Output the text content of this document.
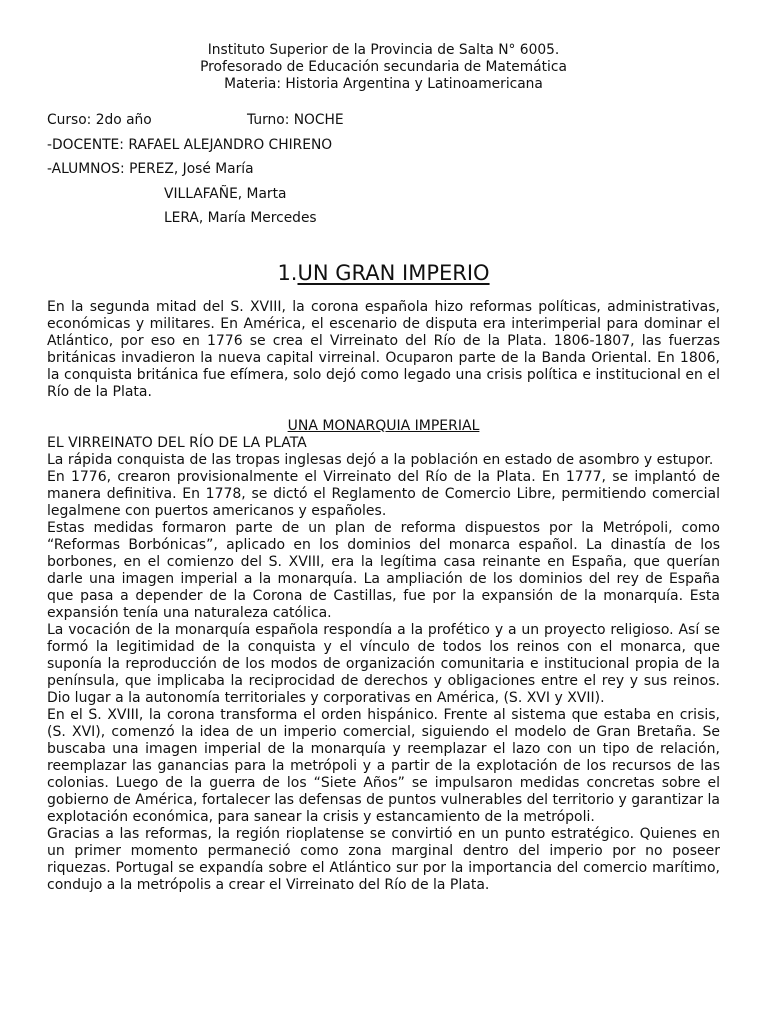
Instituto Superior de la Provincia de Salta N° 6005.
Profesorado de Educación secundaria de Matemática
Materia: Historia Argentina y Latinoamericana
Curso: 2do año	Turno: NOCHE
-DOCENTE: RAFAEL ALEJANDRO CHIRENO
-ALUMNOS: PEREZ, José María
VILLAFAÑE, Marta
LERA, María Mercedes
1.UN GRAN IMPERIO

En la segunda mitad del S. XVIII, la corona española hizo reformas políticas, administrativas, económicas y militares. En América, el escenario de disputa era interimperial para dominar el Atlántico, por eso en 1776 se crea el Virreinato del Río de la Plata. 1806-1807, las fuerzas británicas invadieron la nueva capital virreinal. Ocuparon parte de la Banda Oriental. En 1806, la conquista británica fue efímera, solo dejó como legado una crisis política e institucional en el Río de la Plata.

UNA MONARQUIA IMPERIAL
EL VIRREINATO DEL RÍO DE LA PLATA

La rápida conquista de las tropas inglesas dejó a la población en estado de asombro y estupor.

En 1776, crearon provisionalmente el Virreinato del Río de la Plata. En 1777, se implantó de manera definitiva. En 1778, se dictó el Reglamento de Comercio Libre, permitiendo comercial legalmene con puertos americanos y españoles.

Estas medidas formaron parte de un plan de reforma dispuestos por la Metrópoli, como “Reformas Borbónicas”, aplicado en los dominios del monarca español. La dinastía de los borbones, en el comienzo del S. XVIII, era la legítima casa reinante en España, que querían darle una imagen imperial a la monarquía. La ampliación de los dominios del rey de España que pasa a depender de la Corona de Castillas, fue por la expansión de la monarquía. Esta expansión tenía una naturaleza católica.

La vocación de la monarquía española respondía a la profético y a un proyecto religioso. Así se formó la legitimidad de la conquista y el vínculo de todos los reinos con el monarca, que suponía la reproducción de los modos de organización comunitaria e institucional propia de la península, que implicaba la reciprocidad de derechos y obligaciones entre el rey y sus reinos. Dio lugar a la autonomía territoriales y corporativas en América, (S. XVI y XVII).

En el S. XVIII, la corona transforma el orden hispánico. Frente al sistema que estaba en crisis, (S. XVI), comenzó la idea de un imperio comercial, siguiendo el modelo de Gran Bretaña. Se buscaba una imagen imperial de la monarquía y reemplazar el lazo con un tipo de relación, reemplazar las ganancias para la metrópoli y a partir de la explotación de los recursos de las colonias. Luego de la guerra de los “Siete Años” se impulsaron medidas concretas sobre el gobierno de América, fortalecer las defensas de puntos vulnerables del territorio y garantizar la explotación económica, para sanear la crisis y estancamiento de la metrópoli.

Gracias a las reformas, la región rioplatense se convirtió en un punto estratégico. Quienes en un primer momento permaneció como zona marginal dentro del imperio por no poseer riquezas. Portugal se expandía sobre el Atlántico sur por la importancia del comercio marítimo, condujo a la metrópolis a crear el Virreinato del Río de la Plata.
